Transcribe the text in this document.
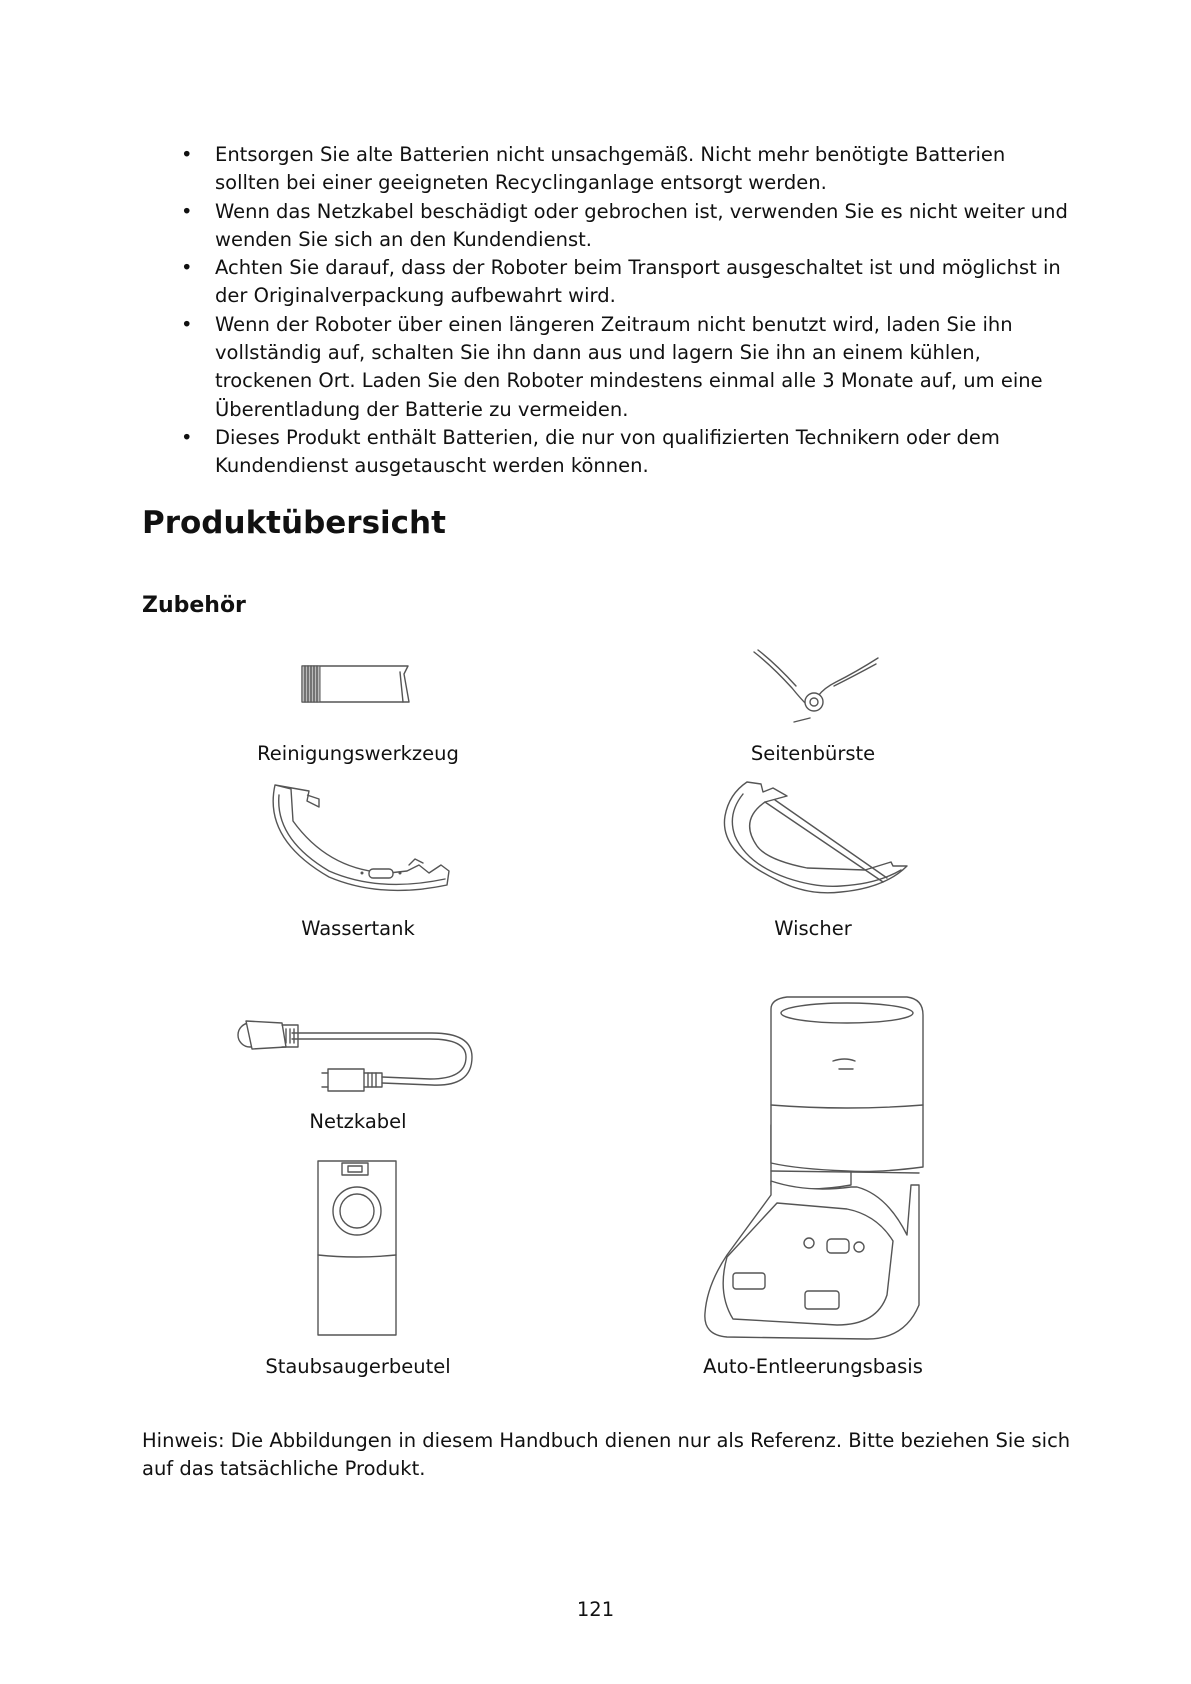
• Entsorgen Sie alte Batterien nicht unsachgemäß. Nicht mehr benötigte Batterien sollten bei einer geeigneten Recyclinganlage entsorgt werden.
• Wenn das Netzkabel beschädigt oder gebrochen ist, verwenden Sie es nicht weiter und wenden Sie sich an den Kundendienst.
• Achten Sie darauf, dass der Roboter beim Transport ausgeschaltet ist und möglichst in der Originalverpackung aufbewahrt wird.
• Wenn der Roboter über einen längeren Zeitraum nicht benutzt wird, laden Sie ihn vollständig auf, schalten Sie ihn dann aus und lagern Sie ihn an einem kühlen, trockenen Ort. Laden Sie den Roboter mindestens einmal alle 3 Monate auf, um eine Überentladung der Batterie zu vermeiden.
• Dieses Produkt enthält Batterien, die nur von qualifizierten Technikern oder dem Kundendienst ausgetauscht werden können.
Produktübersicht
Zubehör
Reinigungswerkzeug	Seitenbürste
Wassertank	Wischer
Netzkabel
Staubsaugerbeutel	Auto-Entleerungsbasis

Hinweis: Die Abbildungen in diesem Handbuch dienen nur als Referenz. Bitte beziehen Sie sich auf das tatsächliche Produkt.

121
